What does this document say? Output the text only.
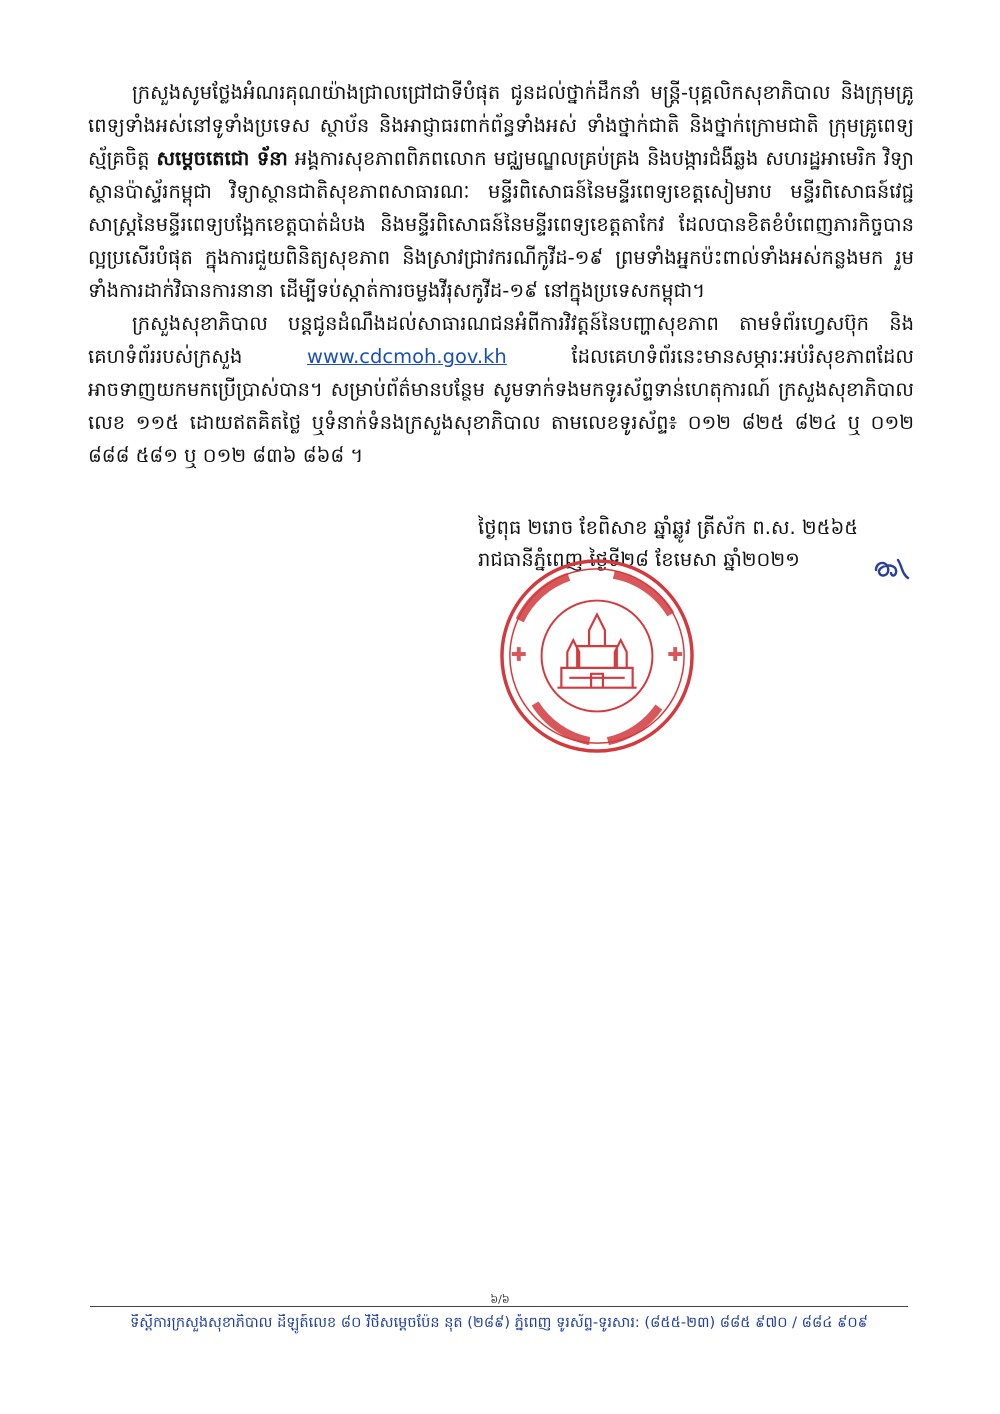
ក្រសួងសូមថ្លែងអំណរគុណយ៉ាងជ្រាលជ្រៅជាទីបំផុត ជូនដល់ថ្នាក់ដឹកនាំ មន្ត្រី-បុគ្គលិកសុខាភិបាល និងក្រុមគ្រូពេទ្យទាំងអស់នៅទូទាំងប្រទេស ស្ថាប័ន និងអាជ្ញាធរពាក់ព័ន្ធទាំងអស់ ទាំងថ្នាក់ជាតិ និងថ្នាក់ក្រោមជាតិ ក្រុមគ្រូពេទ្យស្ម័គ្រចិត្ត សម្តេចតេជោ ទ័នា អង្គការសុខភាពពិភពលោក មជ្ឈមណ្ឌលគ្រប់គ្រង និងបង្ការជំងឺឆ្លង សហរដ្ឋអាមេរិក វិទ្យាស្ថានប៉ាស្ទ័រកម្ពុជា វិទ្យាស្ថានជាតិសុខភាពសាធារណៈ មន្ទីរពិសោធន៍នៃមន្ទីរពេទ្យខេត្តសៀមរាប មន្ទីរពិសោធន៍វេជ្ជសាស្ត្រនៃមន្ទីរពេទ្យបង្អែកខេត្តបាត់ដំបង និងមន្ទីរពិសោធន៍នៃមន្ទីរពេទ្យខេត្តតាកែវ ដែលបានខិតខំបំពេញភារកិច្ចបានល្អប្រសើរបំផុត ក្នុងការជួយពិនិត្យសុខភាព និងស្រាវជ្រាវករណីកូវីដ-១៩ ព្រមទាំងអ្នកប៉ះពាល់ទាំងអស់កន្លងមក រួមទាំងការដាក់វិធានការនានា ដើម្បីទប់ស្កាត់ការចម្លងវីរុសកូវីដ-១៩ នៅក្នុងប្រទេសកម្ពុជា។

ក្រសួងសុខាភិបាល បន្តជូនដំណឹងដល់សាធារណជនអំពីការវិវត្តន៍នៃបញ្ហាសុខភាព តាមទំព័រហ្វេសប៊ុក និងគេហទំព័ររបស់ក្រសួង www.cdcmoh.gov.kh ដែលគេហទំព័រនេះមានសម្ភារៈអប់រំសុខភាពដែលអាចទាញយកមកប្រើប្រាស់បាន។ សម្រាប់ព័ត៌មានបន្ថែម សូមទាក់ទងមកទូរស័ព្ទទាន់ហេតុការណ៍ ក្រសួងសុខាភិបាល លេខ ១១៥ ដោយឥតគិតថ្លៃ ឬទំនាក់ទំនងក្រសួងសុខាភិបាល តាមលេខទូរស័ព្ទ៖ ០១២ ៨២៥ ៨២៤ ឬ ០១២ ៨៨៨ ៥៨១ ឬ ០១២ ៨៣៦ ៨៦៨ ។

ថ្ងៃពុធ ២រោច ខែពិសាខ ឆ្នាំឆ្លូវ ត្រីស័ក ព.ស. ២៥៦៥

រាជធានីភ្នំពេញ ថ្ងៃទី២៨ ខែមេសា ឆ្នាំ២០២១

៦/៦
ទីស្តីការក្រសួងសុខាភិបាល ដីឡូត៍លេខ ៨០ វិថីសម្តេចប៉ែន នុត (២៨៩) ភ្នំពេញ ទូរស័ព្ទ-ទូរសារ: (៨៥៥-២៣) ៨៨៥ ៩៧០ / ៨៨៤ ៩០៩
